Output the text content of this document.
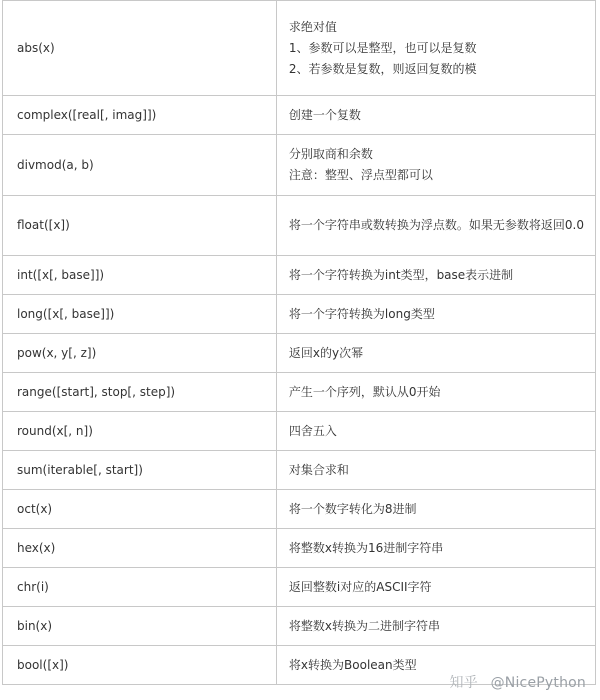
abs(x)	求绝对值
1、参数可以是整型，也可以是复数
2、若参数是复数，则返回复数的模

complex([real[, imag]])	创建一个复数
divmod(a, b)	分别取商和余数
注意：整型、浮点型都可以

float([x])	将一个字符串或数转换为浮点数。如果无参数将返回0.0
int([x[, base]])	将一个字符转换为int类型，base表示进制
long([x[, base]])	将一个字符转换为long类型
pow(x, y[, z])	返回x的y次幂
range([start], stop[, step])	产生一个序列，默认从0开始
round(x[, n])	四舍五入
sum(iterable[, start])	对集合求和
oct(x)	将一个数字转化为8进制
hex(x)	将整数x转换为16进制字符串
chr(i)	返回整数i对应的ASCII字符
bin(x)	将整数x转换为二进制字符串
bool([x])	将x转换为Boolean类型
知乎 @NicePython
